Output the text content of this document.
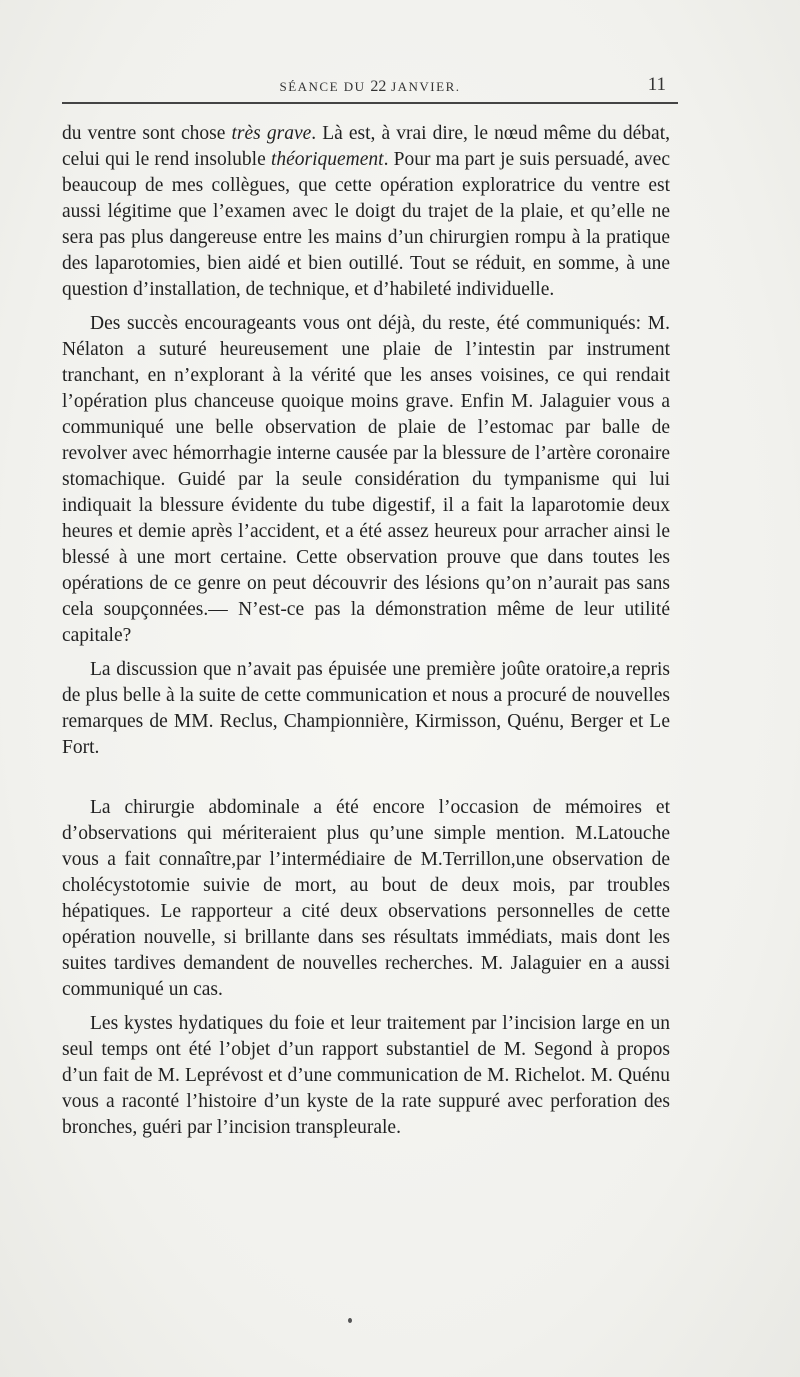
SÉANCE DU 22 JANVIER.	11

du ventre sont chose très grave. Là est, à vrai dire, le nœud même du débat, celui qui le rend insoluble théoriquement. Pour ma part je suis persuadé, avec beaucoup de mes collègues, que cette opération exploratrice du ventre est aussi légitime que l’examen avec le doigt du trajet de la plaie, et qu’elle ne sera pas plus dangereuse entre les mains d’un chirurgien rompu à la pratique des laparotomies, bien aidé et bien outillé. Tout se réduit, en somme, à une question d’installation, de technique, et d’habileté individuelle.

Des succès encourageants vous ont déjà, du reste, été communiqués: M. Nélaton a suturé heureusement une plaie de l’intestin par instrument tranchant, en n’explorant à la vérité que les anses voisines, ce qui rendait l’opération plus chanceuse quoique moins grave. Enfin M. Jalaguier vous a communiqué une belle observation de plaie de l’estomac par balle de revolver avec hémorrhagie interne causée par la blessure de l’artère coronaire stomachique. Guidé par la seule considération du tympanisme qui lui indiquait la blessure évidente du tube digestif, il a fait la laparotomie deux heures et demie après l’accident, et a été assez heureux pour arracher ainsi le blessé à une mort certaine. Cette observation prouve que dans toutes les opérations de ce genre on peut découvrir des lésions qu’on n’aurait pas sans cela soupçonnées.— N’est-ce pas la démonstration même de leur utilité capitale?

La discussion que n’avait pas épuisée une première joûte oratoire,a repris de plus belle à la suite de cette communication et nous a procuré de nouvelles remarques de MM. Reclus, Championnière, Kirmisson, Quénu, Berger et Le Fort.

La chirurgie abdominale a été encore l’occasion de mémoires et d’observations qui mériteraient plus qu’une simple mention. M.Latouche vous a fait connaître,par l’intermédiaire de M.Terrillon,une observation de cholécystotomie suivie de mort, au bout de deux mois, par troubles hépatiques. Le rapporteur a cité deux observations personnelles de cette opération nouvelle, si brillante dans ses résultats immédiats, mais dont les suites tardives demandent de nouvelles recherches. M. Jalaguier en a aussi communiqué un cas.

Les kystes hydatiques du foie et leur traitement par l’incision large en un seul temps ont été l’objet d’un rapport substantiel de M. Segond à propos d’un fait de M. Leprévost et d’une communication de M. Richelot. M. Quénu vous a raconté l’histoire d’un kyste de la rate suppuré avec perforation des bronches, guéri par l’incision transpleurale.
